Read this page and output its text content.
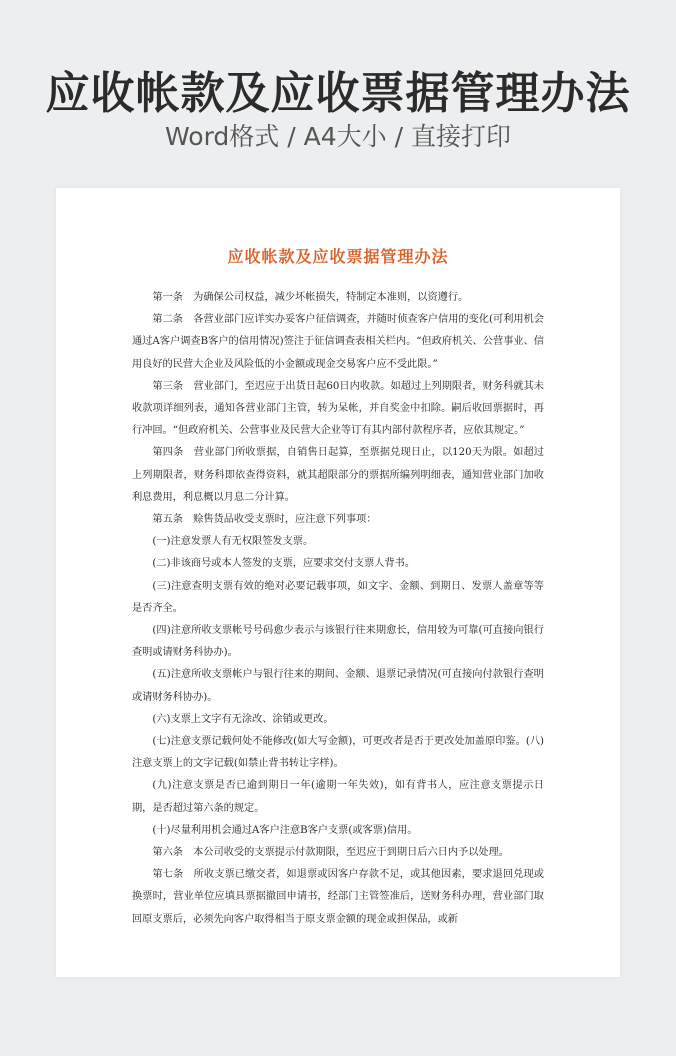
应收帐款及应收票据管理办法
Word格式 / A4大小 / 直接打印
应收帐款及应收票据管理办法

第一条　为确保公司权益，减少坏帐损失，特制定本准则，以资遵行。

第二条　各营业部门应详实办妥客户征信调查，并随时侦查客户信用的变化(可利用机会通过A客户调查B客户的信用情况)签注于征信调查表相关栏内。“但政府机关、公营事业、信用良好的民营大企业及风险低的小金额或现金交易客户应不受此限。”

第三条　营业部门，至迟应于出货日起60日内收款。如超过上列期限者，财务科就其未收款项详细列表，通知各营业部门主管，转为呆帐，并自奖金中扣除。嗣后收回票据时，再行冲回。“但政府机关、公营事业及民营大企业等订有其内部付款程序者，应依其规定。”

第四条　营业部门所收票据，自销售日起算，至票据兑现日止，以120天为限。如超过上列期限者，财务科即依查得资料，就其超限部分的票据所编列明细表，通知营业部门加收利息费用，利息概以月息二分计算。

第五条　赊售货品收受支票时，应注意下列事项：

(一)注意发票人有无权限签发支票。

(二)非该商号或本人签发的支票，应要求交付支票人背书。

(三)注意查明支票有效的绝对必要记载事项，如文字、金额、到期日、发票人盖章等等是否齐全。

(四)注意所收支票帐号号码愈少表示与该银行往来期愈长，信用较为可靠(可直接向银行查明或请财务科协办)。

(五)注意所收支票帐户与银行往来的期间、金额、退票记录情况(可直接向付款银行查明或请财务科协办)。

(六)支票上文字有无涂改、涂销或更改。

(七)注意支票记载何处不能修改(如大写金额)，可更改者是否于更改处加盖原印鉴。(八)注意支票上的文字记载(如禁止背书转让字样)。

(九)注意支票是否已逾到期日一年(逾期一年失效)，如有背书人，应注意支票提示日期，是否超过第六条的规定。

(十)尽量利用机会通过A客户注意B客户支票(或客票)信用。

第六条　本公司收受的支票提示付款期限，至迟应于到期日后六日内予以处理。

第七条　所收支票已缴交者，如退票或因客户存款不足，或其他因素，要求退回兑现或换票时，营业单位应填具票据撤回申请书，经部门主管签准后，送财务科办理，营业部门取回原支票后，必须先向客户取得相当于原支票金额的现金或担保品，或新
